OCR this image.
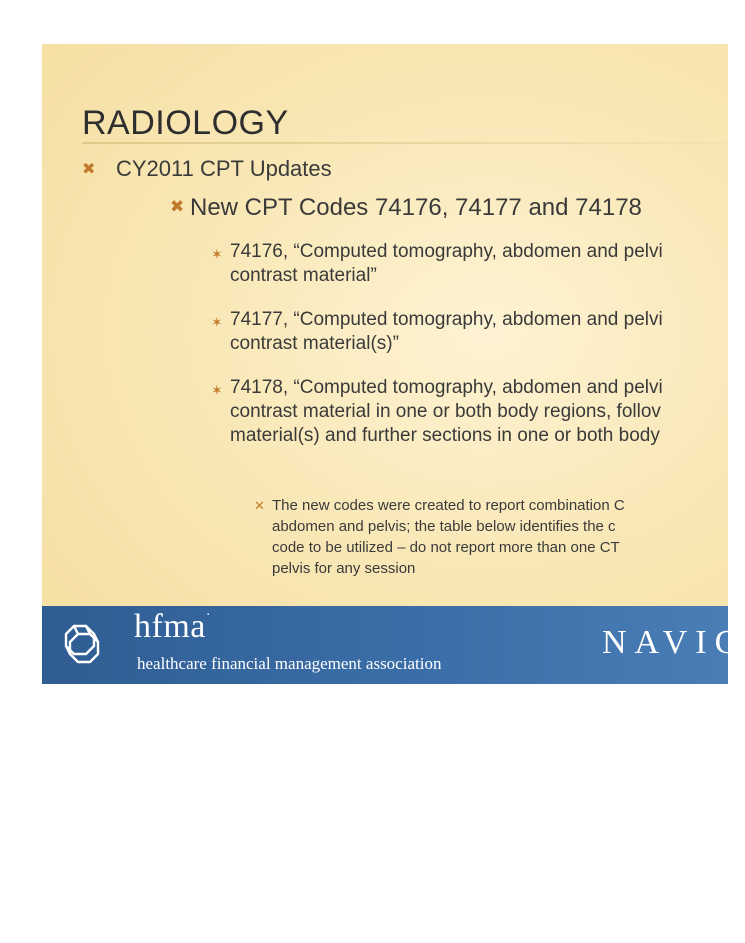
RADIOLOGY
✖ CY2011 CPT Updates
✖ New CPT Codes 74176, 74177 and 74178
✶ 74176, “Computed tomography, abdomen and pelvi
contrast material”
✶ 74177, “Computed tomography, abdomen and pelvi
contrast material(s)”
✶ 74178, “Computed tomography, abdomen and pelvi
contrast material in one or both body regions, follov
material(s) and further sections in one or both body
✕ The new codes were created to report combination C
abdomen and pelvis; the table below identifies the c
code to be utilized – do not report more than one CT
pelvis for any session
hfma·
healthcare financial management association
NAVIC
